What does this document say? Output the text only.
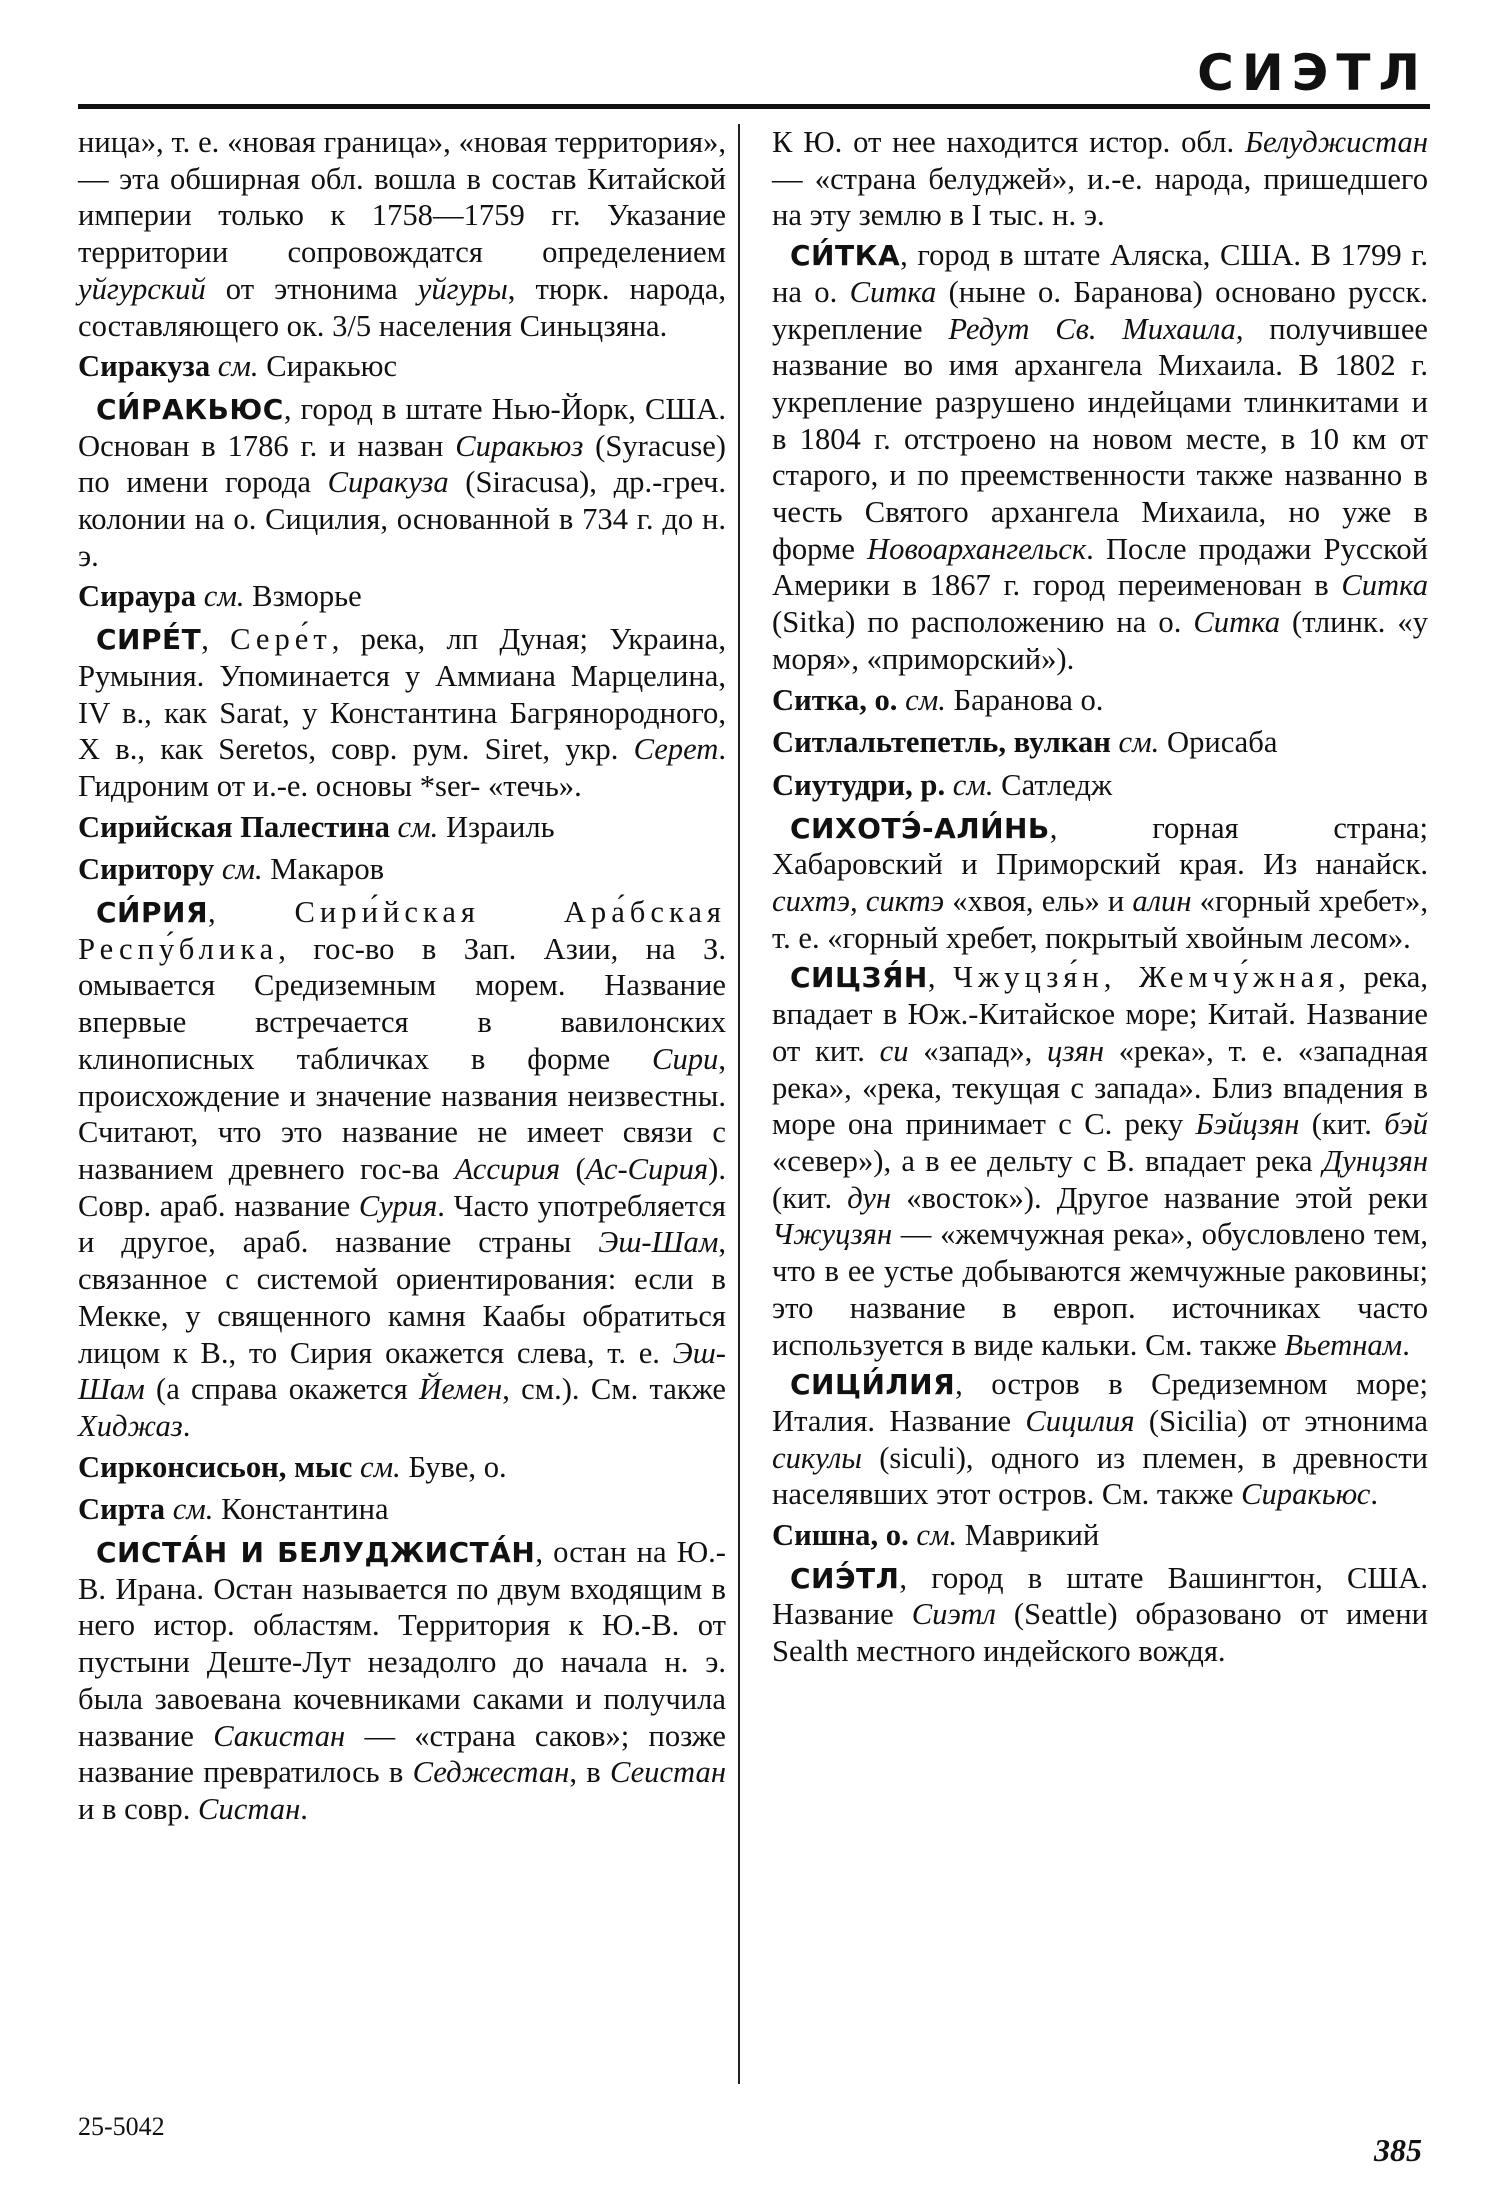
СИЭТЛ

ница», т. е. «новая граница», «новая территория», — эта обширная обл. вошла в состав Китайской империи только к 1758—1759 гг. Указание территории сопровождатся определением уйгурский от этнонима уйгуры, тюрк. народа, составляющего ок. 3/5 населения Синьцзяна.

Сиракуза см. Сиракьюс

СИ́РАКЬЮС, город в штате Нью-Йорк, США. Основан в 1786 г. и назван Сиракьюз (Syracuse) по имени города Сиракуза (Siracusa), др.-греч. колонии на о. Сицилия, основанной в 734 г. до н. э.

Сираура см. Взморье

СИРЕ́Т, Сере́т, река, лп Дуная; Украина, Румыния. Упоминается у Аммиана Марцелина, IV в., как Sarat, у Константина Багрянородного, X в., как Seretos, совр. рум. Siret, укр. Серет. Гидроним от и.-е. основы *ser- «течь».

Сирийская Палестина см. Израиль

Сиритору см. Макаров

СИ́РИЯ, Сири́йская Ара́бская Респу́блика, гос-во в Зап. Азии, на З. омывается Средиземным морем. Название впервые встречается в вавилонских клинописных табличках в форме Сири, происхождение и значение названия неизвестны. Считают, что это название не имеет связи с названием древнего гос-ва Ассирия (Ас-Сирия). Совр. араб. название Сурия. Часто употребляется и другое, араб. название страны Эш-Шам, связанное с системой ориентирования: если в Мекке, у священного камня Каабы обратиться лицом к В., то Сирия окажется слева, т. е. Эш-Шам (а справа окажется Йемен, см.). См. также Хиджаз.

Сирконсисьон, мыс см. Буве, о.

Сирта см. Константина

СИСТА́Н И БЕЛУДЖИСТА́Н, остан на Ю.-В. Ирана. Остан называется по двум входящим в него истор. областям. Территория к Ю.-В. от пустыни Деште-Лут незадолго до начала н. э. была завоевана кочевниками саками и получила название Сакистан — «страна саков»; позже название превратилось в Седжестан, в Сеистан и в совр. Систан.

К Ю. от нее находится истор. обл. Белуджистан — «страна белуджей», и.-е. народа, пришедшего на эту землю в I тыс. н. э.

СИ́ТКА, город в штате Аляска, США. В 1799 г. на о. Ситка (ныне о. Баранова) основано русск. укрепление Редут Св. Михаила, получившее название во имя архангела Михаила. В 1802 г. укрепление разрушено индейцами тлинкитами и в 1804 г. отстроено на новом месте, в 10 км от старого, и по преемственности также названно в честь Святого архангела Михаила, но уже в форме Новоархангельск. После продажи Русской Америки в 1867 г. город переименован в Ситка (Sitka) по расположению на о. Ситка (тлинк. «у моря», «приморский»).

Ситка, о. см. Баранова о.

Ситлальтепетль, вулкан см. Орисаба

Сиутудри, р. см. Сатледж

СИХОТЭ́-АЛИ́НЬ, горная страна; Хабаровский и Приморский края. Из нанайск. сихтэ, сиктэ «хвоя, ель» и алин «горный хребет», т. е. «горный хребет, покрытый хвойным лесом».

СИЦЗЯ́Н, Чжуцзя́н, Жемчу́жная, река, впадает в Юж.-Китайское море; Китай. Название от кит. си «запад», цзян «река», т. е. «западная река», «река, текущая с запада». Близ впадения в море она принимает с С. реку Бэйцзян (кит. бэй «север»), а в ее дельту с В. впадает река Дунцзян (кит. дун «восток»). Другое название этой реки Чжуцзян — «жемчужная река», обусловлено тем, что в ее устье добываются жемчужные раковины; это название в европ. источниках часто используется в виде кальки. См. также Вьетнам.

СИЦИ́ЛИЯ, остров в Средиземном море; Италия. Название Сицилия (Sicilia) от этнонима сикулы (siculi), одного из племен, в древности населявших этот остров. См. также Сиракьюс.

Сишна, о. см. Маврикий

СИЭ́ТЛ, город в штате Вашингтон, США. Название Сиэтл (Seattle) образовано от имени Sealth местного индейского вождя.

25-5042
385
